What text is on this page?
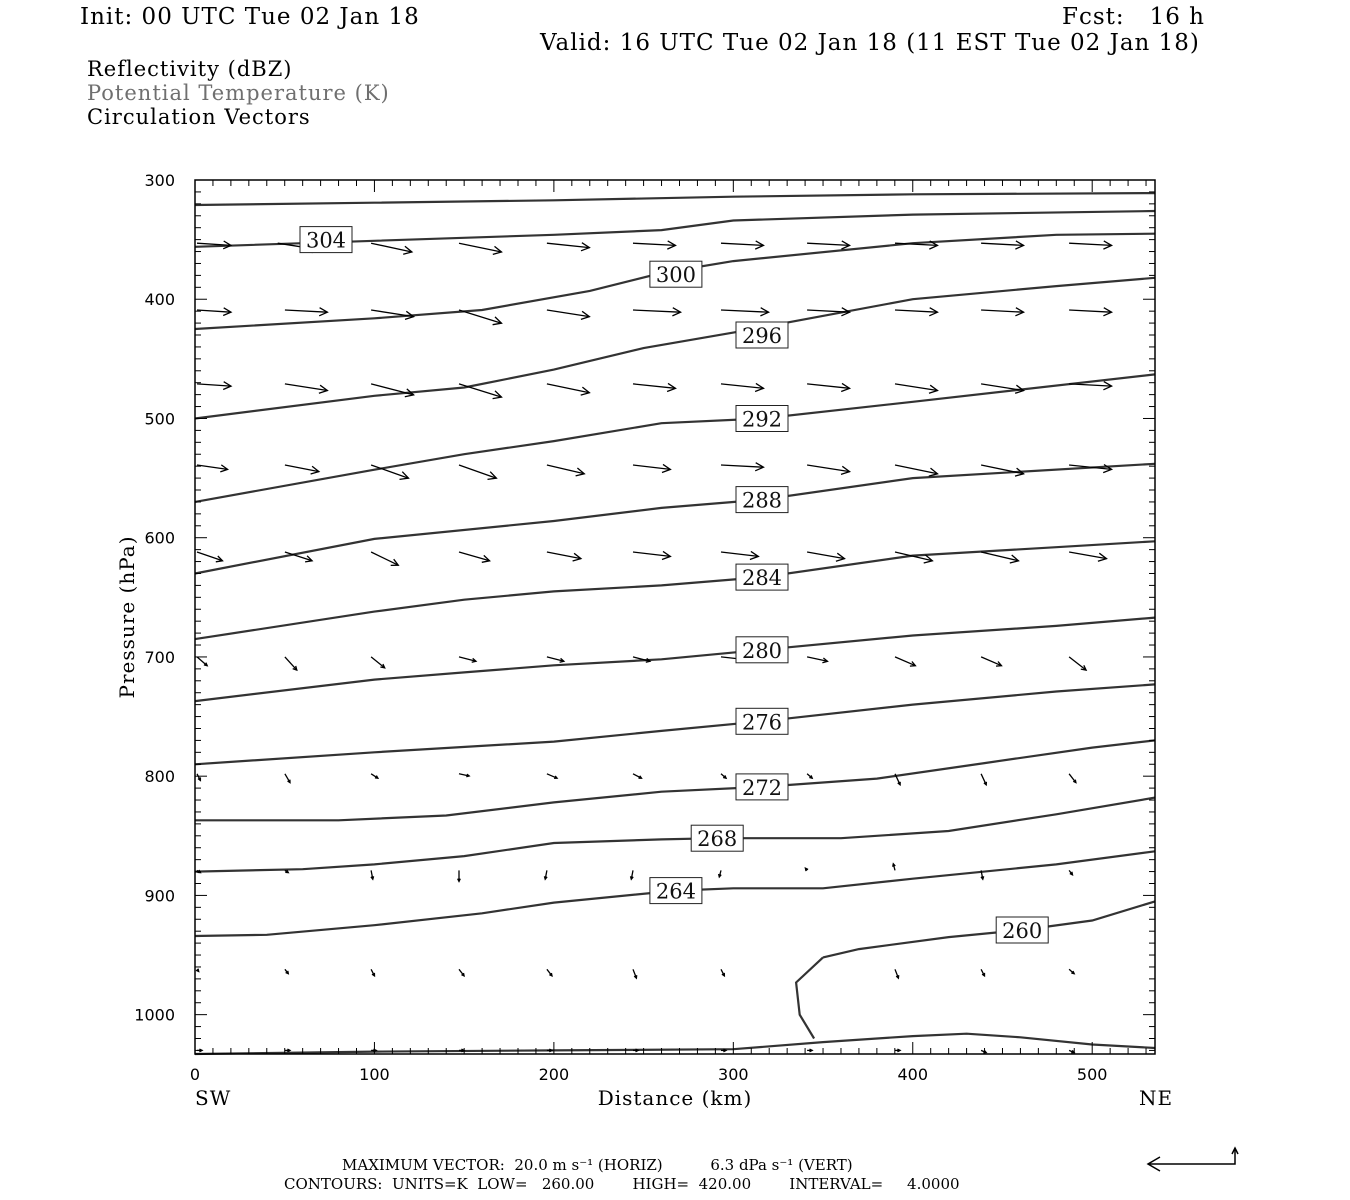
Init: 00 UTC Tue 02 Jan 18	Fcst:   16 h
Valid: 16 UTC Tue 02 Jan 18 (11 EST Tue 02 Jan 18)
Reflectivity (dBZ)
Potential Temperature (K)
Circulation Vectors
304
300
296
292
288
284
280
276
272
268
264
260
300
400
500
600
700
800
900
1000
0	100	200	300	400	500
Distance (km)
SW	NE
Pressure (hPa)
MAXIMUM VECTOR:  20.0 m s⁻¹ (HORIZ)          6.3 dPa s⁻¹ (VERT)
CONTOURS:  UNITS=K  LOW=   260.00        HIGH=  420.00        INTERVAL=     4.0000
